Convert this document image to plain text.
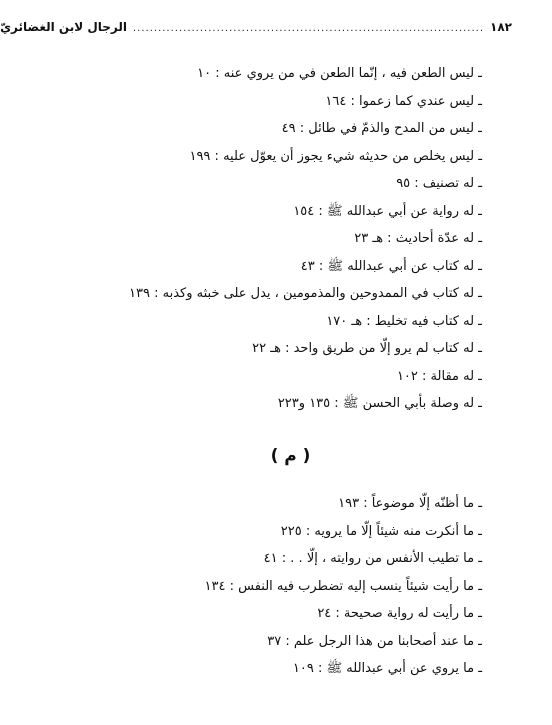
١٨٢
....................................................................................
الرجال لابن الغضائريّ
ـ ليس الطعن فيه ، إنّما الطعن في من يروي عنه : ١٠
ـ ليس عندي كما زعموا : ١٦٤
ـ ليس من المدح والذمّ في طائل : ٤٩
ـ ليس يخلص من حديثه شيء يجوز أن يعوّل عليه : ١٩٩
ـ له تصنيف : ٩٥
ـ له رواية عن أبي عبدالله ﷺ : ١٥٤
ـ له عدّة أحاديث : هـ ٢٣
ـ له كتاب عن أبي عبدالله ﷺ : ٤٣
ـ له كتاب في الممدوحين والمذمومين ، يدل على خبثه وكذبه : ١٣٩
ـ له كتاب فيه تخليط : هـ ١٧٠
ـ له كتاب لم يرو إلّا من طريق واحد : هـ ٢٢
ـ له مقالة : ١٠٢
ـ له وصلة بأبي الحسن ﷺ : ١٣٥ و٢٢٣
( م )
ـ ما أظنّه إلّا موضوعاً : ١٩٣
ـ ما أنكرت منه شيئاً إلّا ما يرويه : ٢٢٥
ـ ما تطيب الأنفس من روايته ، إلّا . . : ٤١
ـ ما رأيت شيئاً ينسب إليه تضطرب فيه النفس : ١٣٤
ـ ما رأيت له رواية صحيحة : ٢٤
ـ ما عند أصحابنا من هذا الرجل علم : ٣٧
ـ ما يروي عن أبي عبدالله ﷺ : ١٠٩
